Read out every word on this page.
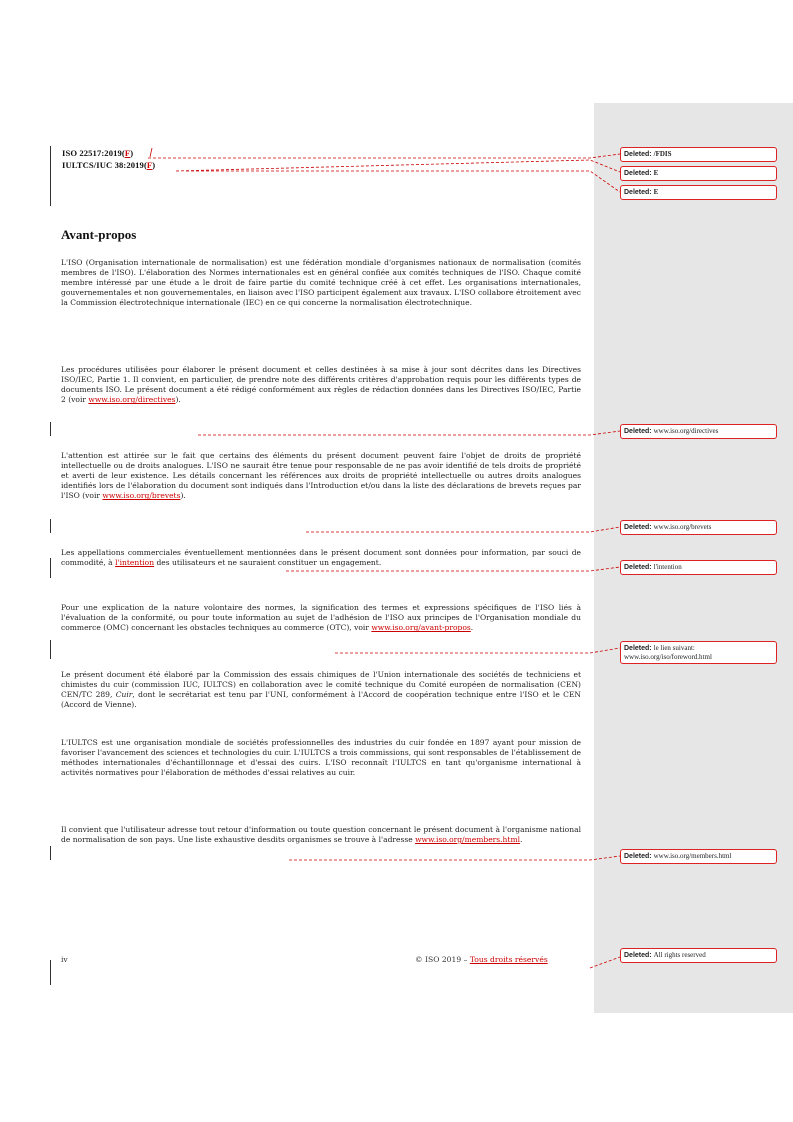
ISO 22517:2019(F)
IULTCS/IUC 38:2019(F)
Avant-propos
L'ISO (Organisation internationale de normalisation) est une fédération mondiale d'organismes nationaux de normalisation (comités membres de l'ISO). L'élaboration des Normes internationales est en général confiée aux comités techniques de l'ISO. Chaque comité membre intéressé par une étude a le droit de faire partie du comité technique créé à cet effet. Les organisations internationales, gouvernementales et non gouvernementales, en liaison avec l'ISO participent également aux travaux. L'ISO collabore étroitement avec la Commission électrotechnique internationale (IEC) en ce qui concerne la normalisation électrotechnique.
Les procédures utilisées pour élaborer le présent document et celles destinées à sa mise à jour sont décrites dans les Directives ISO/IEC, Partie 1. Il convient, en particulier, de prendre note des différents critères d'approbation requis pour les différents types de documents ISO. Le présent document a été rédigé conformément aux règles de rédaction données dans les Directives ISO/IEC, Partie 2 (voir www.iso.org/directives).
L'attention est attirée sur le fait que certains des éléments du présent document peuvent faire l'objet de droits de propriété intellectuelle ou de droits analogues. L'ISO ne saurait être tenue pour responsable de ne pas avoir identifié de tels droits de propriété et averti de leur existence. Les détails concernant les références aux droits de propriété intellectuelle ou autres droits analogues identifiés lors de l'élaboration du document sont indiqués dans l'Introduction et/ou dans la liste des déclarations de brevets reçues par l'ISO (voir www.iso.org/brevets).
Les appellations commerciales éventuellement mentionnées dans le présent document sont données pour information, par souci de commodité, à l'intention des utilisateurs et ne sauraient constituer un engagement.
Pour une explication de la nature volontaire des normes, la signification des termes et expressions spécifiques de l'ISO liés à l'évaluation de la conformité, ou pour toute information au sujet de l'adhésion de l'ISO aux principes de l'Organisation mondiale du commerce (OMC) concernant les obstacles techniques au commerce (OTC), voir www.iso.org/avant-propos.
Le présent document été élaboré par la Commission des essais chimiques de l'Union internationale des sociétés de techniciens et chimistes du cuir (commission IUC, IULTCS) en collaboration avec le comité technique du Comité européen de normalisation (CEN) CEN/TC 289, Cuir, dont le secrétariat est tenu par l'UNI, conformément à l'Accord de coopération technique entre l'ISO et le CEN (Accord de Vienne).
L'IULTCS est une organisation mondiale de sociétés professionnelles des industries du cuir fondée en 1897 ayant pour mission de favoriser l'avancement des sciences et technologies du cuir. L'IULTCS a trois commissions, qui sont responsables de l'établissement de méthodes internationales d'échantillonnage et d'essai des cuirs. L'ISO reconnaît l'IULTCS en tant qu'organisme international à activités normatives pour l'élaboration de méthodes d'essai relatives au cuir.
Il convient que l'utilisateur adresse tout retour d'information ou toute question concernant le présent document à l'organisme national de normalisation de son pays. Une liste exhaustive desdits organismes se trouve à l'adresse www.iso.org/members.html.
iv	© ISO 2019 – Tous droits réservés
Deleted: /FDIS
Deleted: E
Deleted: E
Deleted: www.iso.org/directives
Deleted: www.iso.org/brevets
Deleted: l'intention
Deleted: le lien suivant:
www.iso.org/iso/foreword.html
Deleted: www.iso.org/members.html
Deleted: All rights reserved
